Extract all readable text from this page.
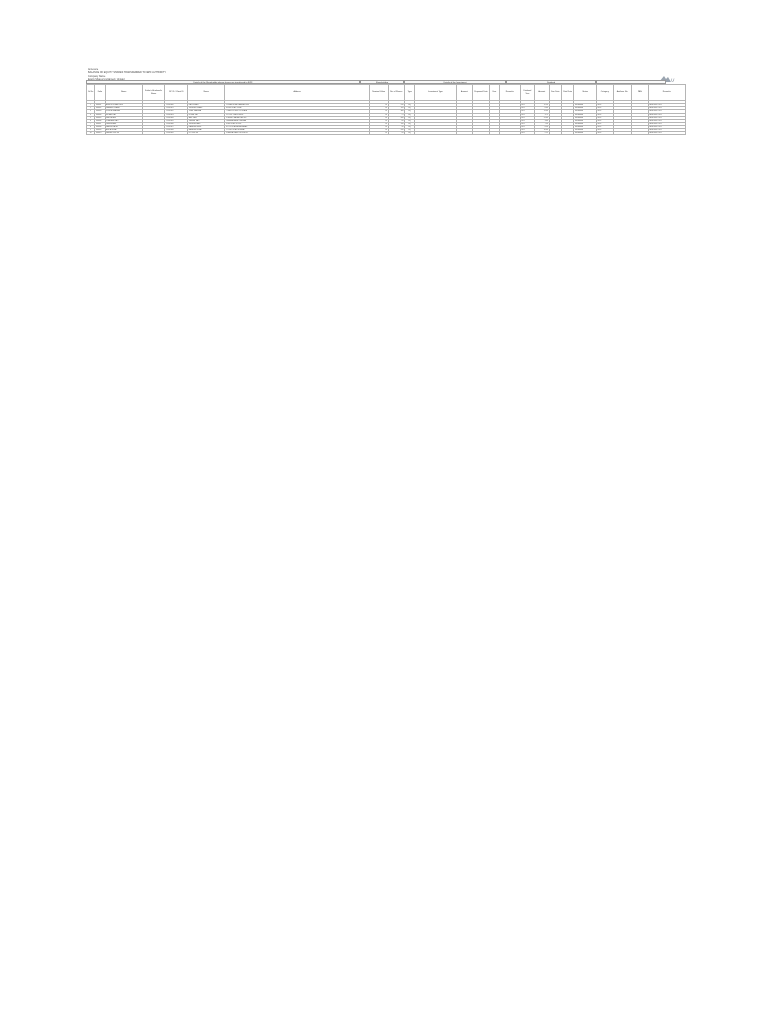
Annexure
BALANCE OF EQUITY SHARES TRANSFERRED TO IEPF AUTHORITY
Company Name
U
Details of the Shareholder whose shares are transferred to IEPF	Shareholding	Details of the Investment	Dividend
Sr No	Folio	Name	Father's/Husband's Name	DP ID / Client ID	Name	Address	Nominal Value	No. of Shares	Type	Investment Type	Amount	Proposed Date	Year	Remarks	Dividend Year	Amount	Due Date	Paid Date	Status	Category	Aadhaar No.	PAN	Remarks
1	2	3	4	5	6	7	8	9	10	11	12	13	14	15	16	17	18	19	20	21	22	23	24
1	IN3001	ASHOK KUMAR DEVI		12010300	RAJ KUMAR	12 MAIN ROAD BANGALORE	10	250	EQ						2011	12.50			Unclaimed	IEPF			REMOVED 2021
2	IN3002	RAMESH CHAND		12010301	SURESH CHAND	45 MG ROAD PUNE	10	120	EQ						2011	8.00			Unclaimed	IEPF			REMOVED 2021
3	IN3003	SUNITA SHARMA		12010302	VIJAY SHARMA	7 PARK STREET KOLKATA	10	300	EQ						2011	15.00			Unclaimed	IEPF			REMOVED 2021
4	IN3004	MOHAN LAL		12010303	GOPAL LAL	22 CIVIL LINES DELHI	10	75	EQ						2011	3.75			Unclaimed	IEPF			REMOVED 2021
5	IN3005	KAVITA JAIN		12010304	ANIL JAIN	9 NEHRU NAGAR JAIPUR	10	500	EQ						2011	25.00			Unclaimed	IEPF			REMOVED 2021
6	IN3006	PRAKASH RAO		12010305	VENKAT RAO	18 ANNA SALAI CHENNAI	10	60	EQ						2011	3.00			Unclaimed	IEPF			REMOVED 2021
7	IN3007	DEEPA NAIR		12010306	SURESH NAIR	3 MG ROAD KOCHI	10	150	EQ						2011	7.50			Unclaimed	IEPF			REMOVED 2021
8	IN3008	HARISH PATEL		12010307	RAMESH PATEL	41 CG ROAD AHMEDABAD	10	90	EQ						2011	4.50			Unclaimed	IEPF			REMOVED 2021
9	IN3009	ANITA DESAI		12010308	MAHESH DESAI	11 LINK ROAD MUMBAI	10	200	EQ						2011	10.00			Unclaimed	IEPF			REMOVED 2021
10	IN3010	SANJAY GUPTA		12010309	R K GUPTA	5 HAZRATGANJ LUCKNOW	10	45	EQ						2011	2.25			Unclaimed	IEPF			REMOVED 2021
